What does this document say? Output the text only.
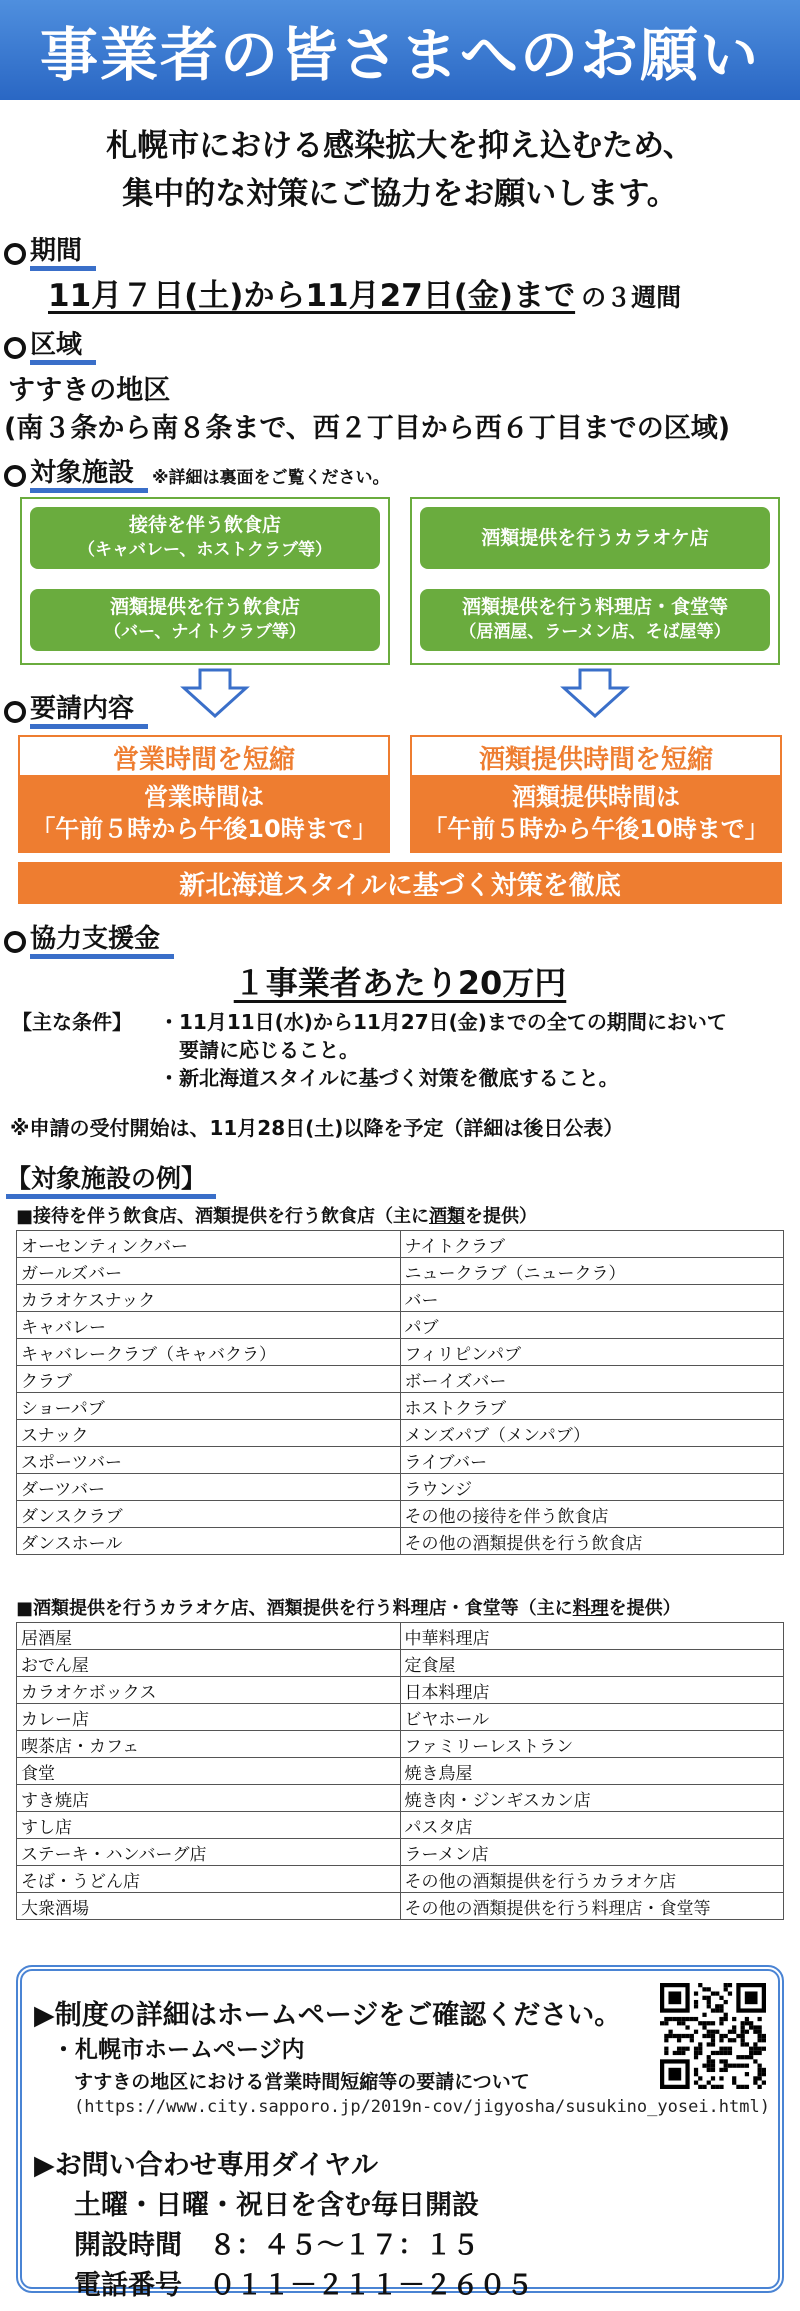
事業者の皆さまへのお願い
札幌市における感染拡大を抑え込むため、
集中的な対策にご協力をお願いします。
期間
11月７日(土)から11月27日(金)まで の３週間
区域
すすきの地区
(南３条から南８条まで、西２丁目から西６丁目までの区域)
対象施設	※詳細は裏面をご覧ください。
接待を伴う飲食店
（キャバレー、ホストクラブ等）
酒類提供を行う飲食店
（バー、ナイトクラブ等）
酒類提供を行うカラオケ店
酒類提供を行う料理店・食堂等
（居酒屋、ラーメン店、そば屋等）
要請内容
営業時間を短縮
営業時間は
「午前５時から午後10時まで」
酒類提供時間を短縮
酒類提供時間は
「午前５時から午後10時まで」
新北海道スタイルに基づく対策を徹底
協力支援金
１事業者あたり20万円
【主な条件】	・11月11日(水)から11月27日(金)までの全ての期間において
要請に応じること。
・新北海道スタイルに基づく対策を徹底すること。
※申請の受付開始は、11月28日(土)以降を予定（詳細は後日公表）
【対象施設の例】
■接待を伴う飲食店、酒類提供を行う飲食店（主に酒類を提供）
オーセンティンクバー	ナイトクラブ
ガールズバー	ニュークラブ（ニュークラ）
カラオケスナック	バー
キャバレー	パブ
キャバレークラブ（キャバクラ）	フィリピンパブ
クラブ	ボーイズバー
ショーパブ	ホストクラブ
スナック	メンズパブ（メンパブ）
スポーツバー	ライブバー
ダーツバー	ラウンジ
ダンスクラブ	その他の接待を伴う飲食店
ダンスホール	その他の酒類提供を行う飲食店
■酒類提供を行うカラオケ店、酒類提供を行う料理店・食堂等（主に料理を提供）
居酒屋	中華料理店
おでん屋	定食屋
カラオケボックス	日本料理店
カレー店	ビヤホール
喫茶店・カフェ	ファミリーレストラン
食堂	焼き鳥屋
すき焼店	焼き肉・ジンギスカン店
すし店	パスタ店
ステーキ・ハンバーグ店	ラーメン店
そば・うどん店	その他の酒類提供を行うカラオケ店
大衆酒場	その他の酒類提供を行う料理店・食堂等
▶制度の詳細はホームページをご確認ください。
・札幌市ホームページ内
すすきの地区における営業時間短縮等の要請について
(https://www.city.sapporo.jp/2019n-cov/jigyosha/susukino_yosei.html)
▶お問い合わせ専用ダイヤル
土曜・日曜・祝日を含む毎日開設
開設時間　８：４５～１７：１５
電話番号　０１１－２１１－２６０５
